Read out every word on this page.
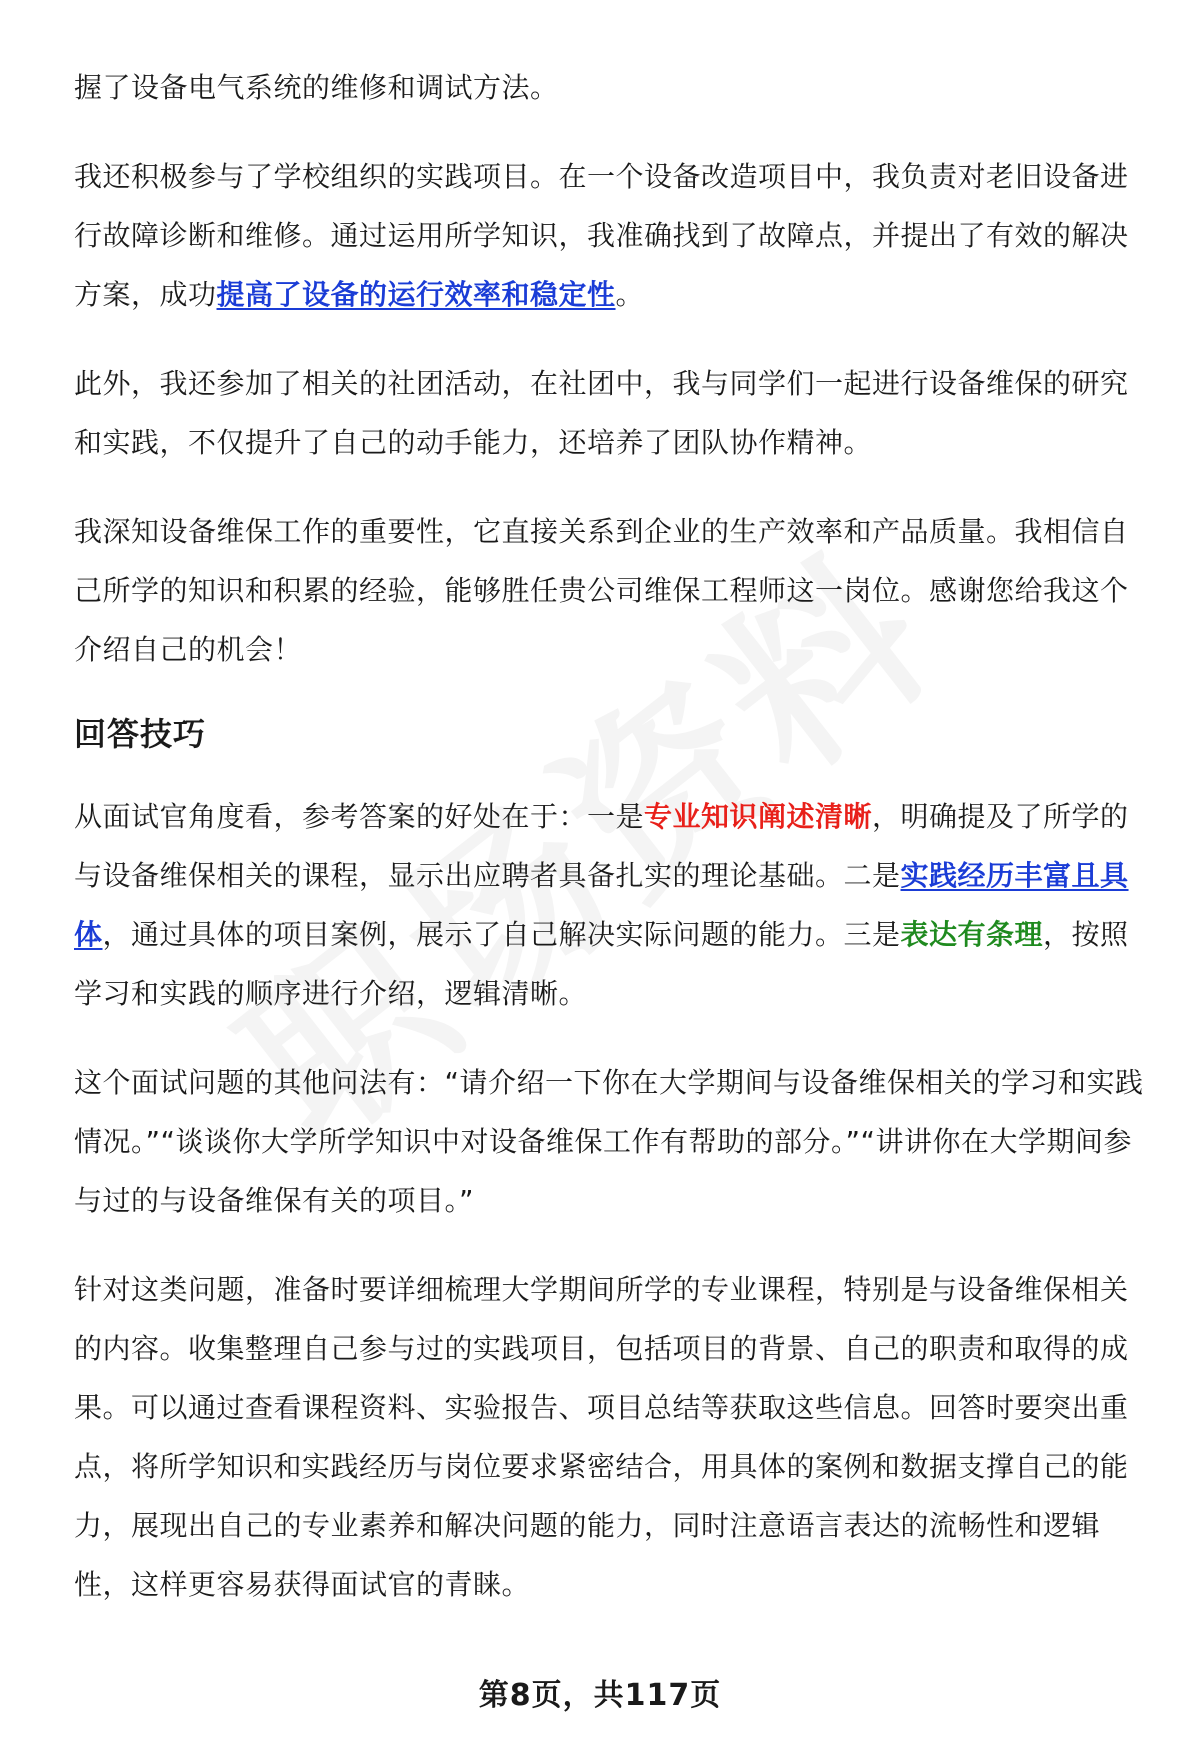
握了设备电气系统的维修和调试方法。

我还积极参与了学校组织的实践项目。在一个设备改造项目中，我负责对老旧设备进行故障诊断和维修。通过运用所学知识，我准确找到了故障点，并提出了有效的解决方案，成功提高了设备的运行效率和稳定性。

此外，我还参加了相关的社团活动，在社团中，我与同学们一起进行设备维保的研究和实践，不仅提升了自己的动手能力，还培养了团队协作精神。

我深知设备维保工作的重要性，它直接关系到企业的生产效率和产品质量。我相信自己所学的知识和积累的经验，能够胜任贵公司维保工程师这一岗位。感谢您给我这个介绍自己的机会！

回答技巧

从面试官角度看，参考答案的好处在于：一是专业知识阐述清晰，明确提及了所学的与设备维保相关的课程，显示出应聘者具备扎实的理论基础。二是实践经历丰富且具体，通过具体的项目案例，展示了自己解决实际问题的能力。三是表达有条理，按照学习和实践的顺序进行介绍，逻辑清晰。

这个面试问题的其他问法有：“请介绍一下你在大学期间与设备维保相关的学习和实践情况。”“谈谈你大学所学知识中对设备维保工作有帮助的部分。”“讲讲你在大学期间参与过的与设备维保有关的项目。”

针对这类问题，准备时要详细梳理大学期间所学的专业课程，特别是与设备维保相关的内容。收集整理自己参与过的实践项目，包括项目的背景、自己的职责和取得的成果。可以通过查看课程资料、实验报告、项目总结等获取这些信息。回答时要突出重点，将所学知识和实践经历与岗位要求紧密结合，用具体的案例和数据支撑自己的能力，展现出自己的专业素养和解决问题的能力，同时注意语言表达的流畅性和逻辑性，这样更容易获得面试官的青睐。

第8页，共117页
